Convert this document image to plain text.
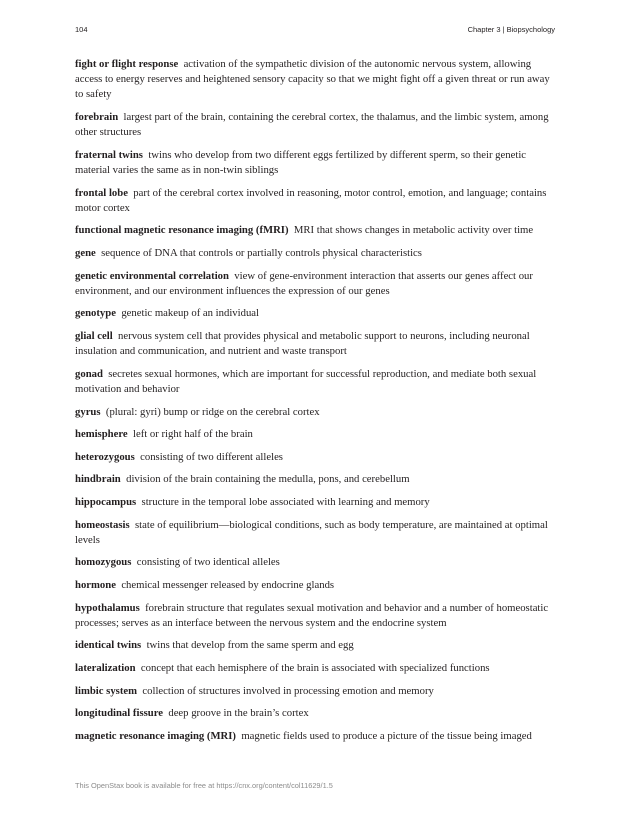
104	Chapter 3 | Biopsychology

fight or flight response activation of the sympathetic division of the autonomic nervous system, allowing access to energy reserves and heightened sensory capacity so that we might fight off a given threat or run away to safety

forebrain largest part of the brain, containing the cerebral cortex, the thalamus, and the limbic system, among other structures

fraternal twins twins who develop from two different eggs fertilized by different sperm, so their genetic material varies the same as in non-twin siblings

frontal lobe part of the cerebral cortex involved in reasoning, motor control, emotion, and language; contains motor cortex

functional magnetic resonance imaging (fMRI) MRI that shows changes in metabolic activity over time

gene sequence of DNA that controls or partially controls physical characteristics

genetic environmental correlation view of gene-environment interaction that asserts our genes affect our environment, and our environment influences the expression of our genes

genotype genetic makeup of an individual

glial cell nervous system cell that provides physical and metabolic support to neurons, including neuronal insulation and communication, and nutrient and waste transport

gonad secretes sexual hormones, which are important for successful reproduction, and mediate both sexual motivation and behavior

gyrus (plural: gyri) bump or ridge on the cerebral cortex

hemisphere left or right half of the brain

heterozygous consisting of two different alleles

hindbrain division of the brain containing the medulla, pons, and cerebellum

hippocampus structure in the temporal lobe associated with learning and memory

homeostasis state of equilibrium—biological conditions, such as body temperature, are maintained at optimal levels

homozygous consisting of two identical alleles

hormone chemical messenger released by endocrine glands

hypothalamus forebrain structure that regulates sexual motivation and behavior and a number of homeostatic processes; serves as an interface between the nervous system and the endocrine system

identical twins twins that develop from the same sperm and egg

lateralization concept that each hemisphere of the brain is associated with specialized functions

limbic system collection of structures involved in processing emotion and memory

longitudinal fissure deep groove in the brain’s cortex

magnetic resonance imaging (MRI) magnetic fields used to produce a picture of the tissue being imaged

This OpenStax book is available for free at https://cnx.org/content/col11629/1.5
